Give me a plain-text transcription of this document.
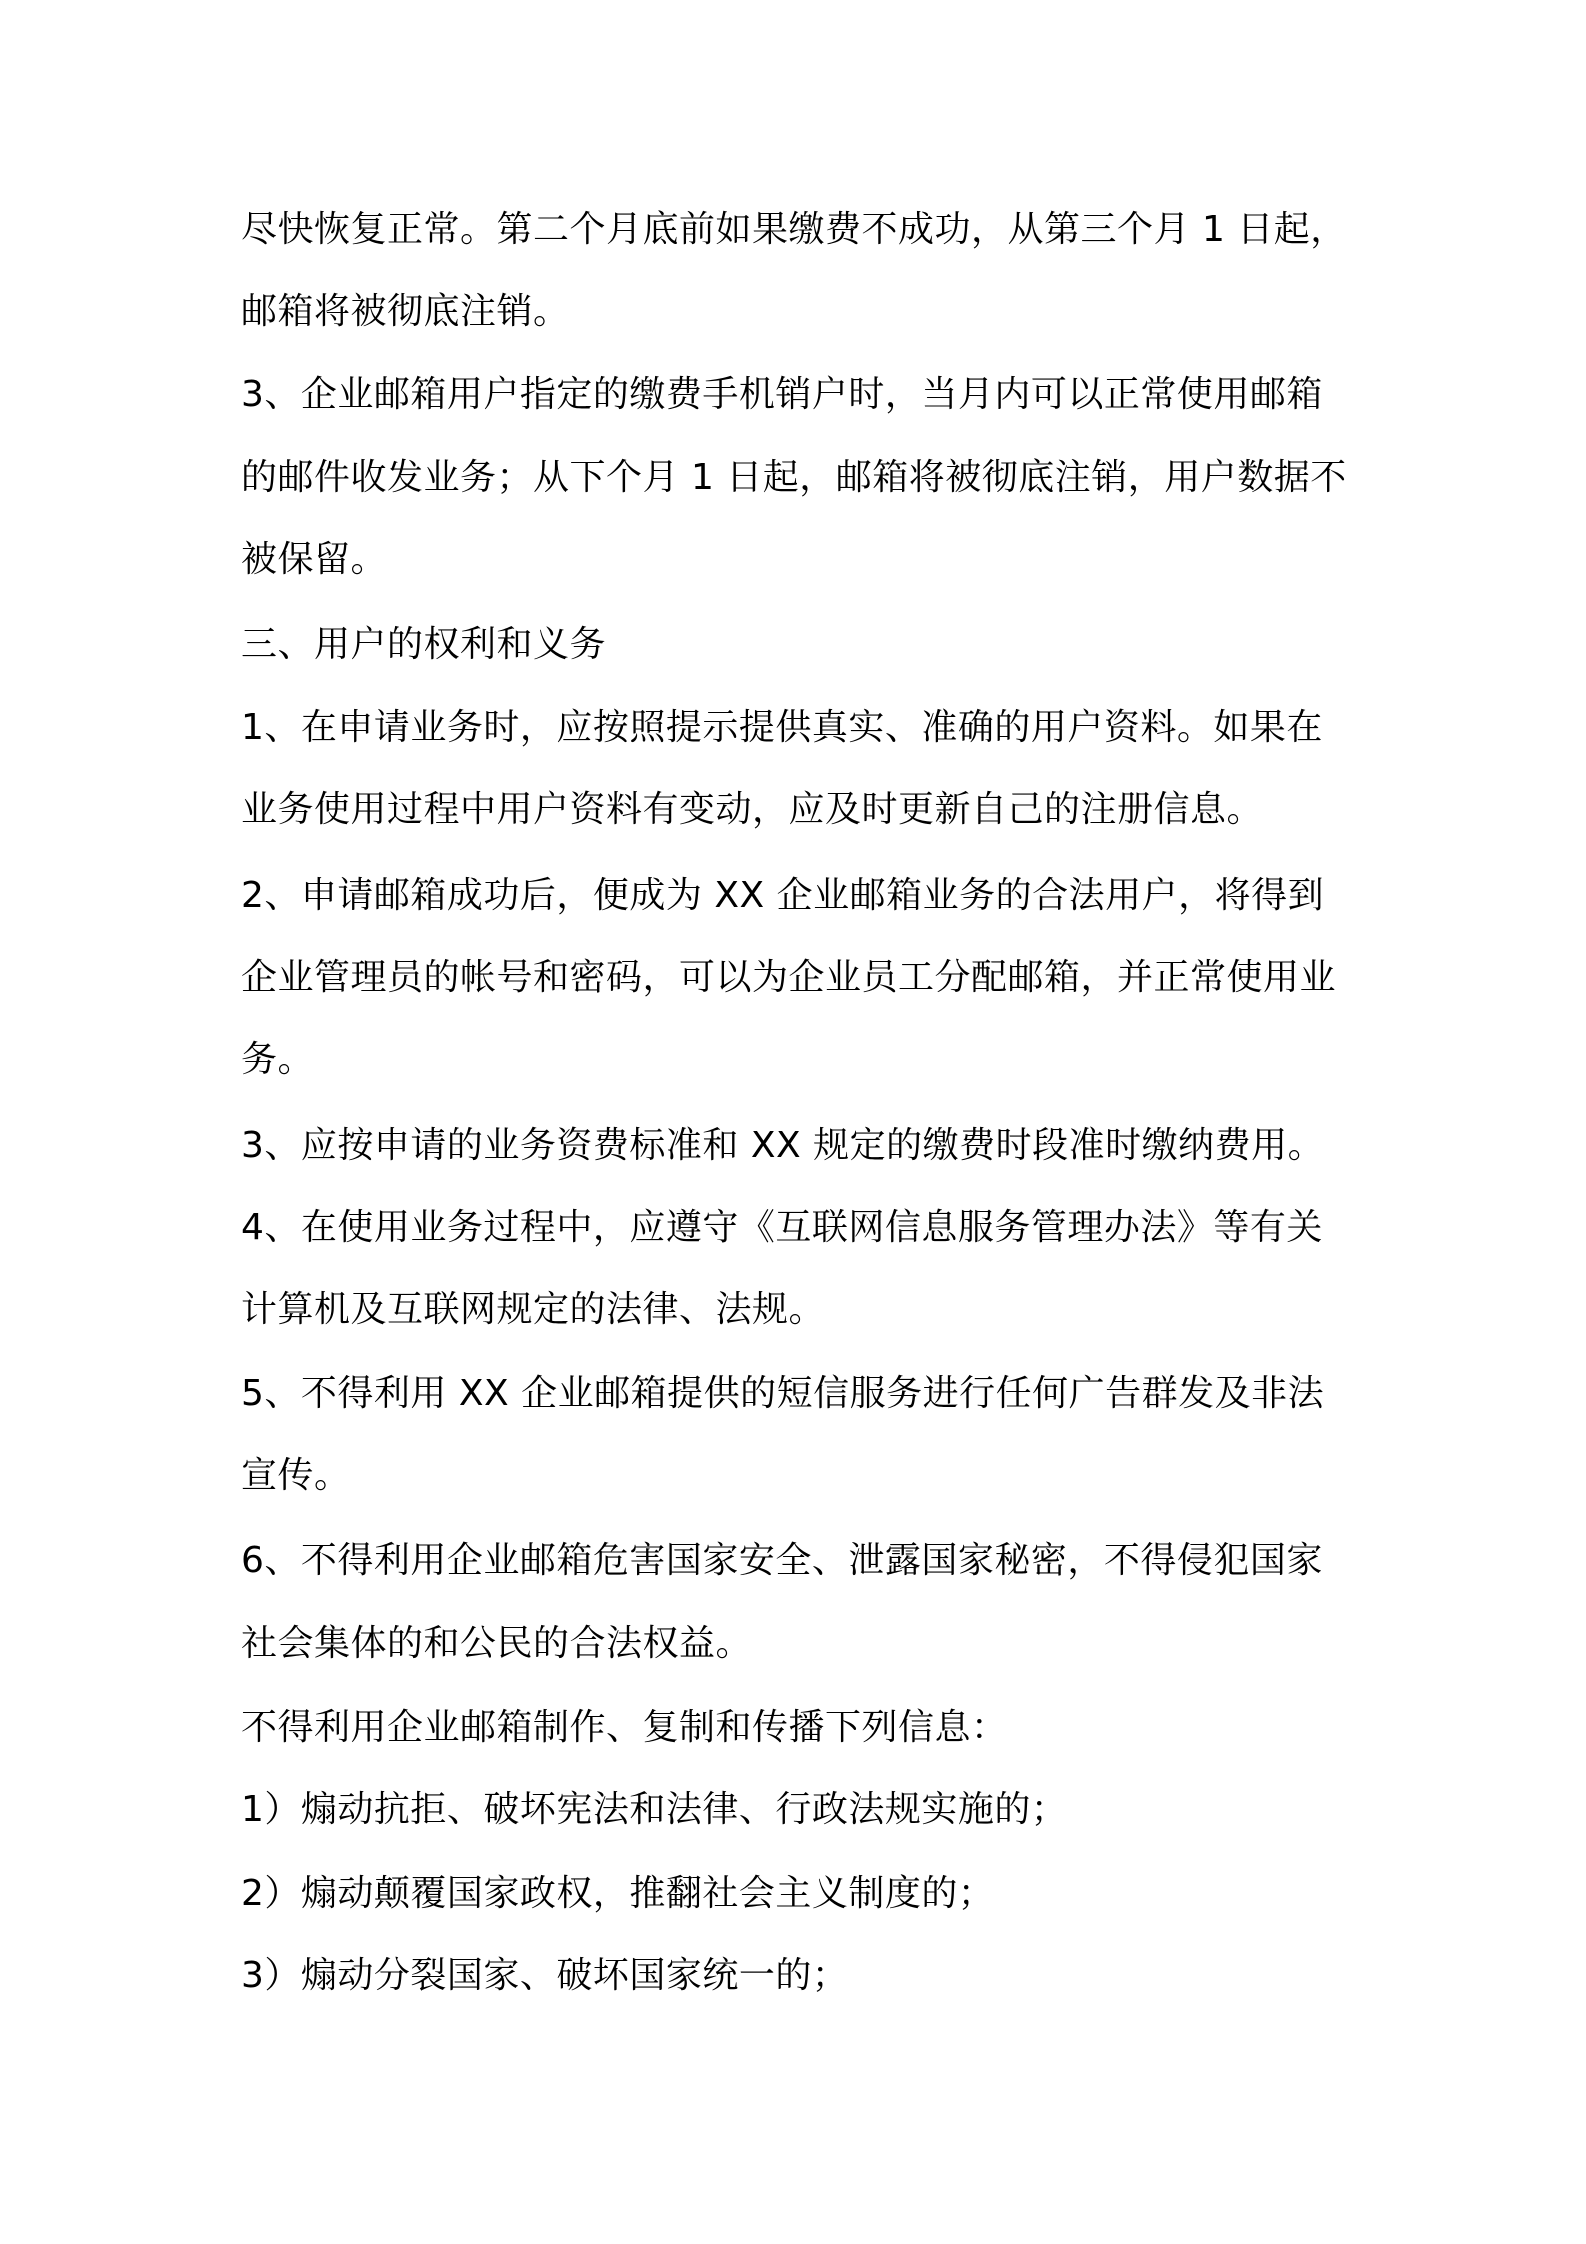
尽快恢复正常。第二个月底前如果缴费不成功，从第三个月 1 日起，

邮箱将被彻底注销。

3、企业邮箱用户指定的缴费手机销户时，当月内可以正常使用邮箱

的邮件收发业务；从下个月 1 日起，邮箱将被彻底注销，用户数据不

被保留。

三、用户的权利和义务

1、在申请业务时，应按照提示提供真实、准确的用户资料。如果在

业务使用过程中用户资料有变动，应及时更新自己的注册信息。

2、申请邮箱成功后，便成为 XX 企业邮箱业务的合法用户，将得到

企业管理员的帐号和密码，可以为企业员工分配邮箱，并正常使用业

务。

3、应按申请的业务资费标准和 XX 规定的缴费时段准时缴纳费用。

4、在使用业务过程中，应遵守《互联网信息服务管理办法》等有关

计算机及互联网规定的法律、法规。

5、不得利用 XX 企业邮箱提供的短信服务进行任何广告群发及非法

宣传。

6、不得利用企业邮箱危害国家安全、泄露国家秘密，不得侵犯国家

社会集体的和公民的合法权益。

不得利用企业邮箱制作、复制和传播下列信息：

1）煽动抗拒、破坏宪法和法律、行政法规实施的；

2）煽动颠覆国家政权，推翻社会主义制度的；

3）煽动分裂国家、破坏国家统一的；
